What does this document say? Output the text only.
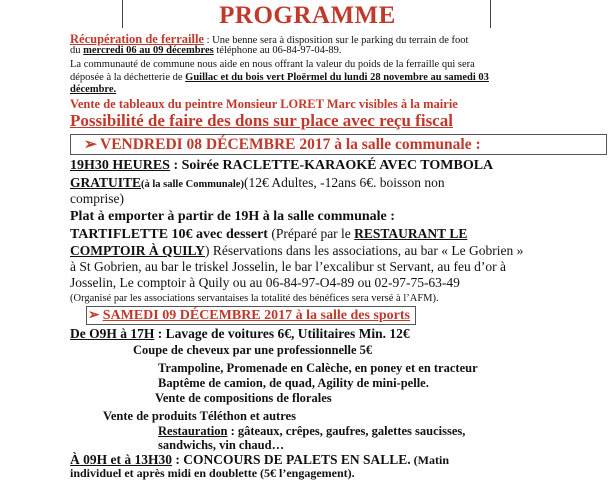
PROGRAMME
Récupération de ferraille : Une benne sera à disposition sur le parking du terrain de foot
du mercredi 06 au 09 décembres téléphone au 06-84-97-04-89.
La communauté de commune nous aide en nous offrant la valeur du poids de la ferraille qui sera
déposée à la déchetterie de Guillac et du bois vert Ploërmel du lundi 28 novembre au samedi 03
décembre.
Vente de tableaux du peintre Monsieur LORET Marc visibles à la mairie
Possibilité de faire des dons sur place avec reçu fiscal
➢ VENDREDI 08 DÉCEMBRE 2017 à la salle communale :
19H30 HEURES : Soirée RACLETTE-KARAOKÉ AVEC TOMBOLA
GRATUITE(à la salle Communale)(12€ Adultes, -12ans 6€. boisson non
comprise)
Plat à emporter à partir de 19H à la salle communale :
TARTIFLETTE 10€ avec dessert (Préparé par le RESTAURANT LE
COMPTOIR À QUILY) Réservations dans les associations, au bar « Le Gobrien »
à St Gobrien, au bar le triskel Josselin, le bar l’excalibur st Servant, au feu d’or à
Josselin, Le comptoir à Quily ou au 06-84-97-O4-89 ou 02-97-75-63-49
(Organisé par les associations servantaises la totalité des bénéfices sera versé à l’AFM).
➢ SAMEDI 09 DÉCEMBRE 2017 à la salle des sports
De O9H à 17H : Lavage de voitures 6€, Utilitaires Min. 12€
Coupe de cheveux par une professionnelle 5€
Trampoline, Promenade en Calèche, en poney et en tracteur
Baptême de camion, de quad, Agility de mini-pelle.
Vente de compositions de florales
Vente de produits Téléthon et autres
Restauration : gâteaux, crêpes, gaufres, galettes saucisses,
sandwichs, vin chaud…
À 09H et à 13H30 : CONCOURS DE PALETS EN SALLE. (Matin
individuel et après midi en doublette (5€ l’engagement).
